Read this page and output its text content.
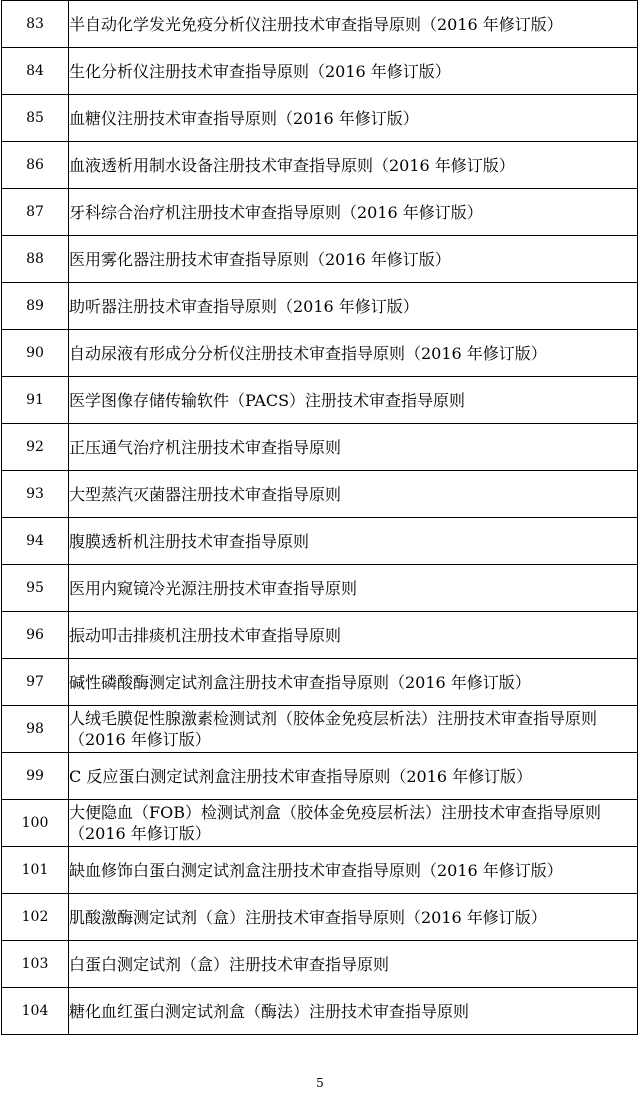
83	半自动化学发光免疫分析仪注册技术审查指导原则（2016 年修订版）
84	生化分析仪注册技术审查指导原则（2016 年修订版）
85	血糖仪注册技术审查指导原则（2016 年修订版）
86	血液透析用制水设备注册技术审查指导原则（2016 年修订版）
87	牙科综合治疗机注册技术审查指导原则（2016 年修订版）
88	医用雾化器注册技术审查指导原则（2016 年修订版）
89	助听器注册技术审查指导原则（2016 年修订版）
90	自动尿液有形成分分析仪注册技术审查指导原则（2016 年修订版）
91	医学图像存储传输软件（PACS）注册技术审查指导原则
92	正压通气治疗机注册技术审查指导原则
93	大型蒸汽灭菌器注册技术审查指导原则
94	腹膜透析机注册技术审查指导原则
95	医用内窥镜冷光源注册技术审查指导原则
96	振动叩击排痰机注册技术审查指导原则
97	碱性磷酸酶测定试剂盒注册技术审查指导原则（2016 年修订版）
98	人绒毛膜促性腺激素检测试剂（胶体金免疫层析法）注册技术审查指导原则（2016 年修订版）
99	C 反应蛋白测定试剂盒注册技术审查指导原则（2016 年修订版）
100	大便隐血（FOB）检测试剂盒（胶体金免疫层析法）注册技术审查指导原则（2016 年修订版）
101	缺血修饰白蛋白测定试剂盒注册技术审查指导原则（2016 年修订版）
102	肌酸激酶测定试剂（盒）注册技术审查指导原则（2016 年修订版）
103	白蛋白测定试剂（盒）注册技术审查指导原则
104	糖化血红蛋白测定试剂盒（酶法）注册技术审查指导原则
5
